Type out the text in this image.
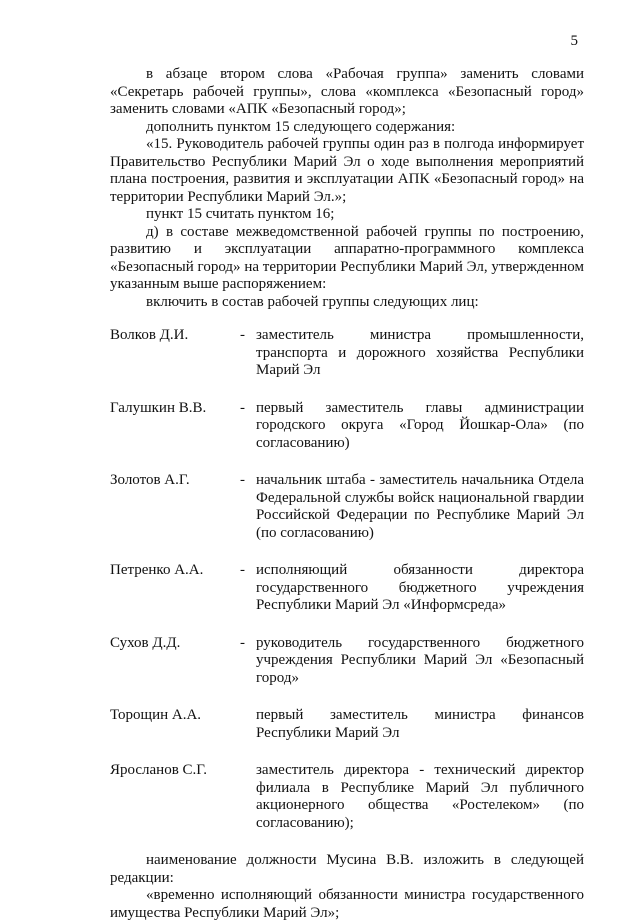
5

в абзаце втором слова «Рабочая группа» заменить словами «Секретарь рабочей группы», слова «комплекса «Безопасный город» заменить словами «АПК «Безопасный город»;

дополнить пунктом 15 следующего содержания:

«15. Руководитель рабочей группы один раз в полгода информирует Правительство Республики Марий Эл о ходе выполнения мероприятий плана построения, развития и эксплуатации АПК «Безопасный город» на территории Республики Марий Эл.»;

пункт 15 считать пунктом 16;

д) в составе межведомственной рабочей группы по построению, развитию и эксплуатации аппаратно-программного комплекса «Безопасный город» на территории Республики Марий Эл, утвержденном указанным выше распоряжением:

включить в состав рабочей группы следующих лиц:

Волков Д.И.	- заместитель министра промышленности, транспорта и дорожного хозяйства Республики Марий Эл
Галушкин В.В.	- первый заместитель главы администрации городского округа «Город Йошкар-Ола» (по согласованию)
Золотов А.Г.	- начальник штаба - заместитель начальника Отдела Федеральной службы войск национальной гвардии Российской Федерации по Республике Марий Эл (по согласованию)
Петренко А.А.	- исполняющий обязанности директора государственного бюджетного учреждения Республики Марий Эл «Информсреда»
Сухов Д.Д.	- руководитель государственного бюджетного учреждения Республики Марий Эл «Безопасный город»
Торощин А.А.	первый заместитель министра финансов Республики Марий Эл
Яросланов С.Г.	заместитель директора - технический директор филиала в Республике Марий Эл публичного акционерного общества «Ростелеком» (по согласованию);

наименование должности Мусина В.В. изложить в следующей редакции:

«временно исполняющий обязанности министра государственного имущества Республики Марий Эл»;
